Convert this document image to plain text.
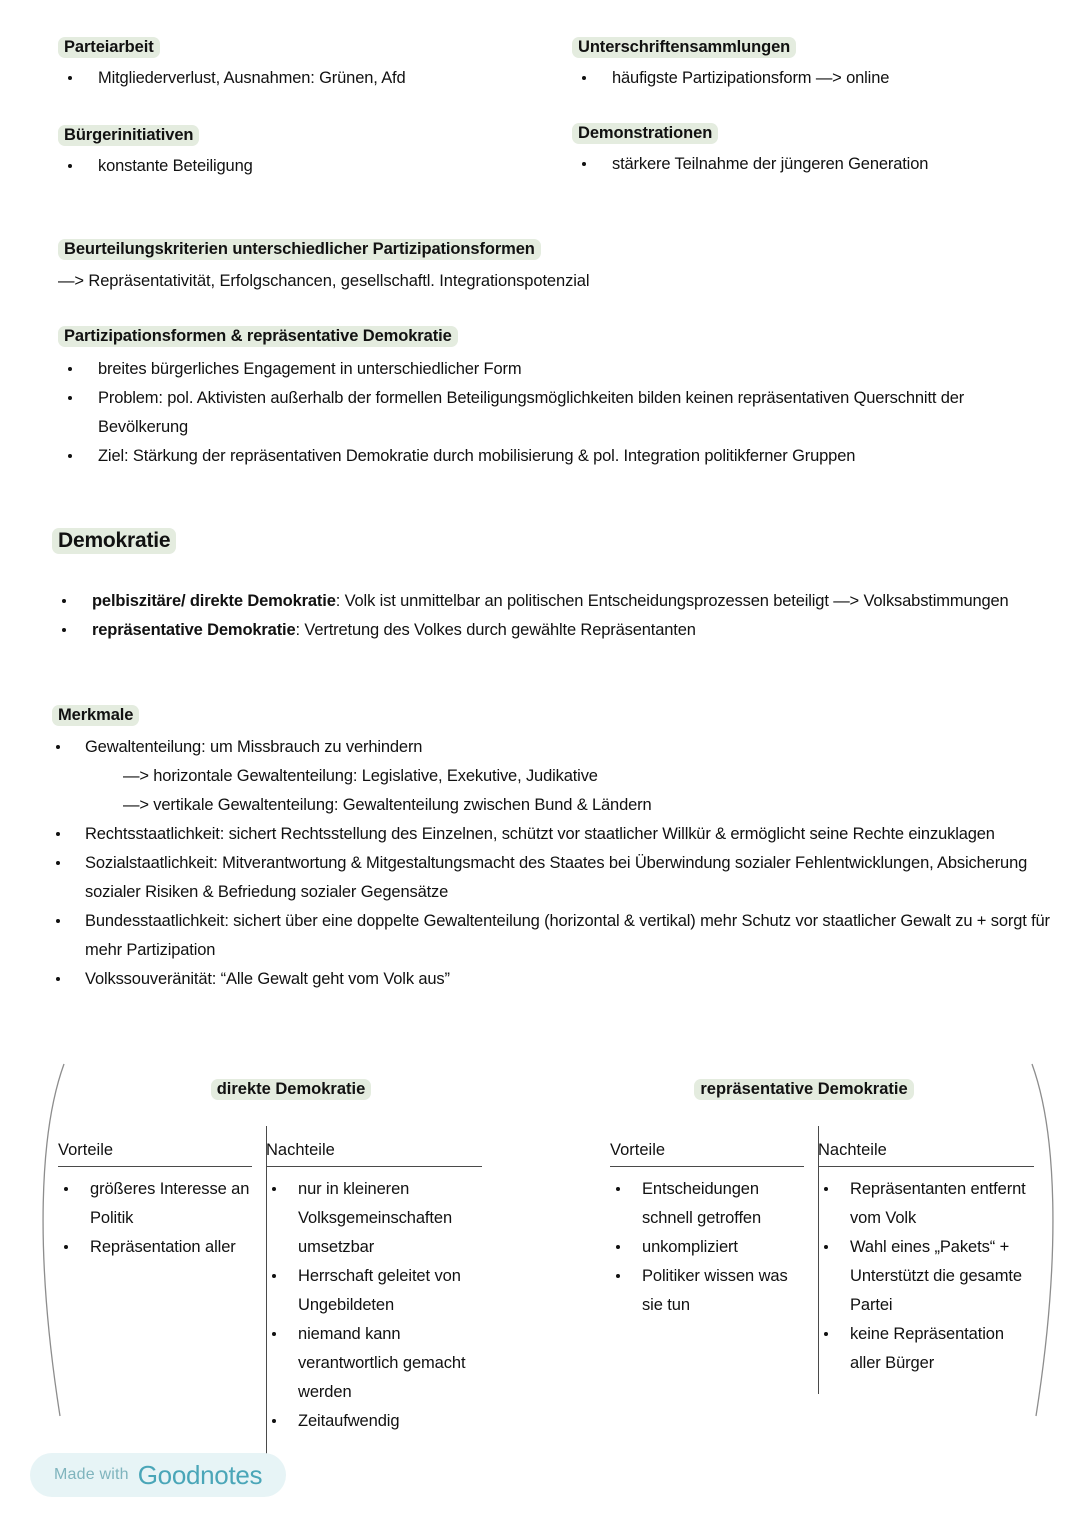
Parteiarbeit
Mitgliederverlust, Ausnahmen: Grünen, Afd
Unterschriftensammlungen
häufigste Partizipationsform —> online
Bürgerinitiativen
konstante Beteiligung
Demonstrationen
stärkere Teilnahme der jüngeren Generation
Beurteilungskriterien unterschiedlicher Partizipationsformen
—> Repräsentativität, Erfolgschancen, gesellschaftl. Integrationspotenzial
Partizipationsformen & repräsentative Demokratie
breites bürgerliches Engagement in unterschiedlicher Form
Problem: pol. Aktivisten außerhalb der formellen Beteiligungsmöglichkeiten bilden keinen repräsentativen Querschnitt der Bevölkerung
Ziel: Stärkung der repräsentativen Demokratie durch mobilisierung & pol. Integration politikferner Gruppen
Demokratie
pelbiszitäre/ direkte Demokratie: Volk ist unmittelbar an politischen Entscheidungsprozessen beteiligt —> Volksabstimmungen
repräsentative Demokratie: Vertretung des Volkes durch gewählte Repräsentanten
Merkmale
Gewaltenteilung: um Missbrauch zu verhindern
—> horizontale Gewaltenteilung: Legislative, Exekutive, Judikative
—> vertikale Gewaltenteilung: Gewaltenteilung zwischen Bund & Ländern
Rechtsstaatlichkeit: sichert Rechtsstellung des Einzelnen, schützt vor staatlicher Willkür & ermöglicht seine Rechte einzuklagen
Sozialstaatlichkeit: Mitverantwortung & Mitgestaltungsmacht des Staates bei Überwindung sozialer Fehlentwicklungen, Absicherung sozialer Risiken & Befriedung sozialer Gegensätze
Bundesstaatlichkeit: sichert über eine doppelte Gewaltenteilung (horizontal & vertikal) mehr Schutz vor staatlicher Gewalt zu + sorgt für mehr Partizipation
Volkssouveränität: “Alle Gewalt geht vom Volk aus”
direkte Demokratie
Vorteile
größeres Interesse an Politik
Repräsentation aller
Nachteile
nur in kleineren Volksgemeinschaften umsetzbar
Herrschaft geleitet von Ungebildeten
niemand kann verantwortlich gemacht werden
Zeitaufwendig
repräsentative Demokratie
Vorteile
Entscheidungen schnell getroffen
unkompliziert
Politiker wissen was sie tun
Nachteile
Repräsentanten entfernt vom Volk
Wahl eines „Pakets“ + Unterstützt die gesamte Partei
keine Repräsentation aller Bürger
Made with Goodnotes
